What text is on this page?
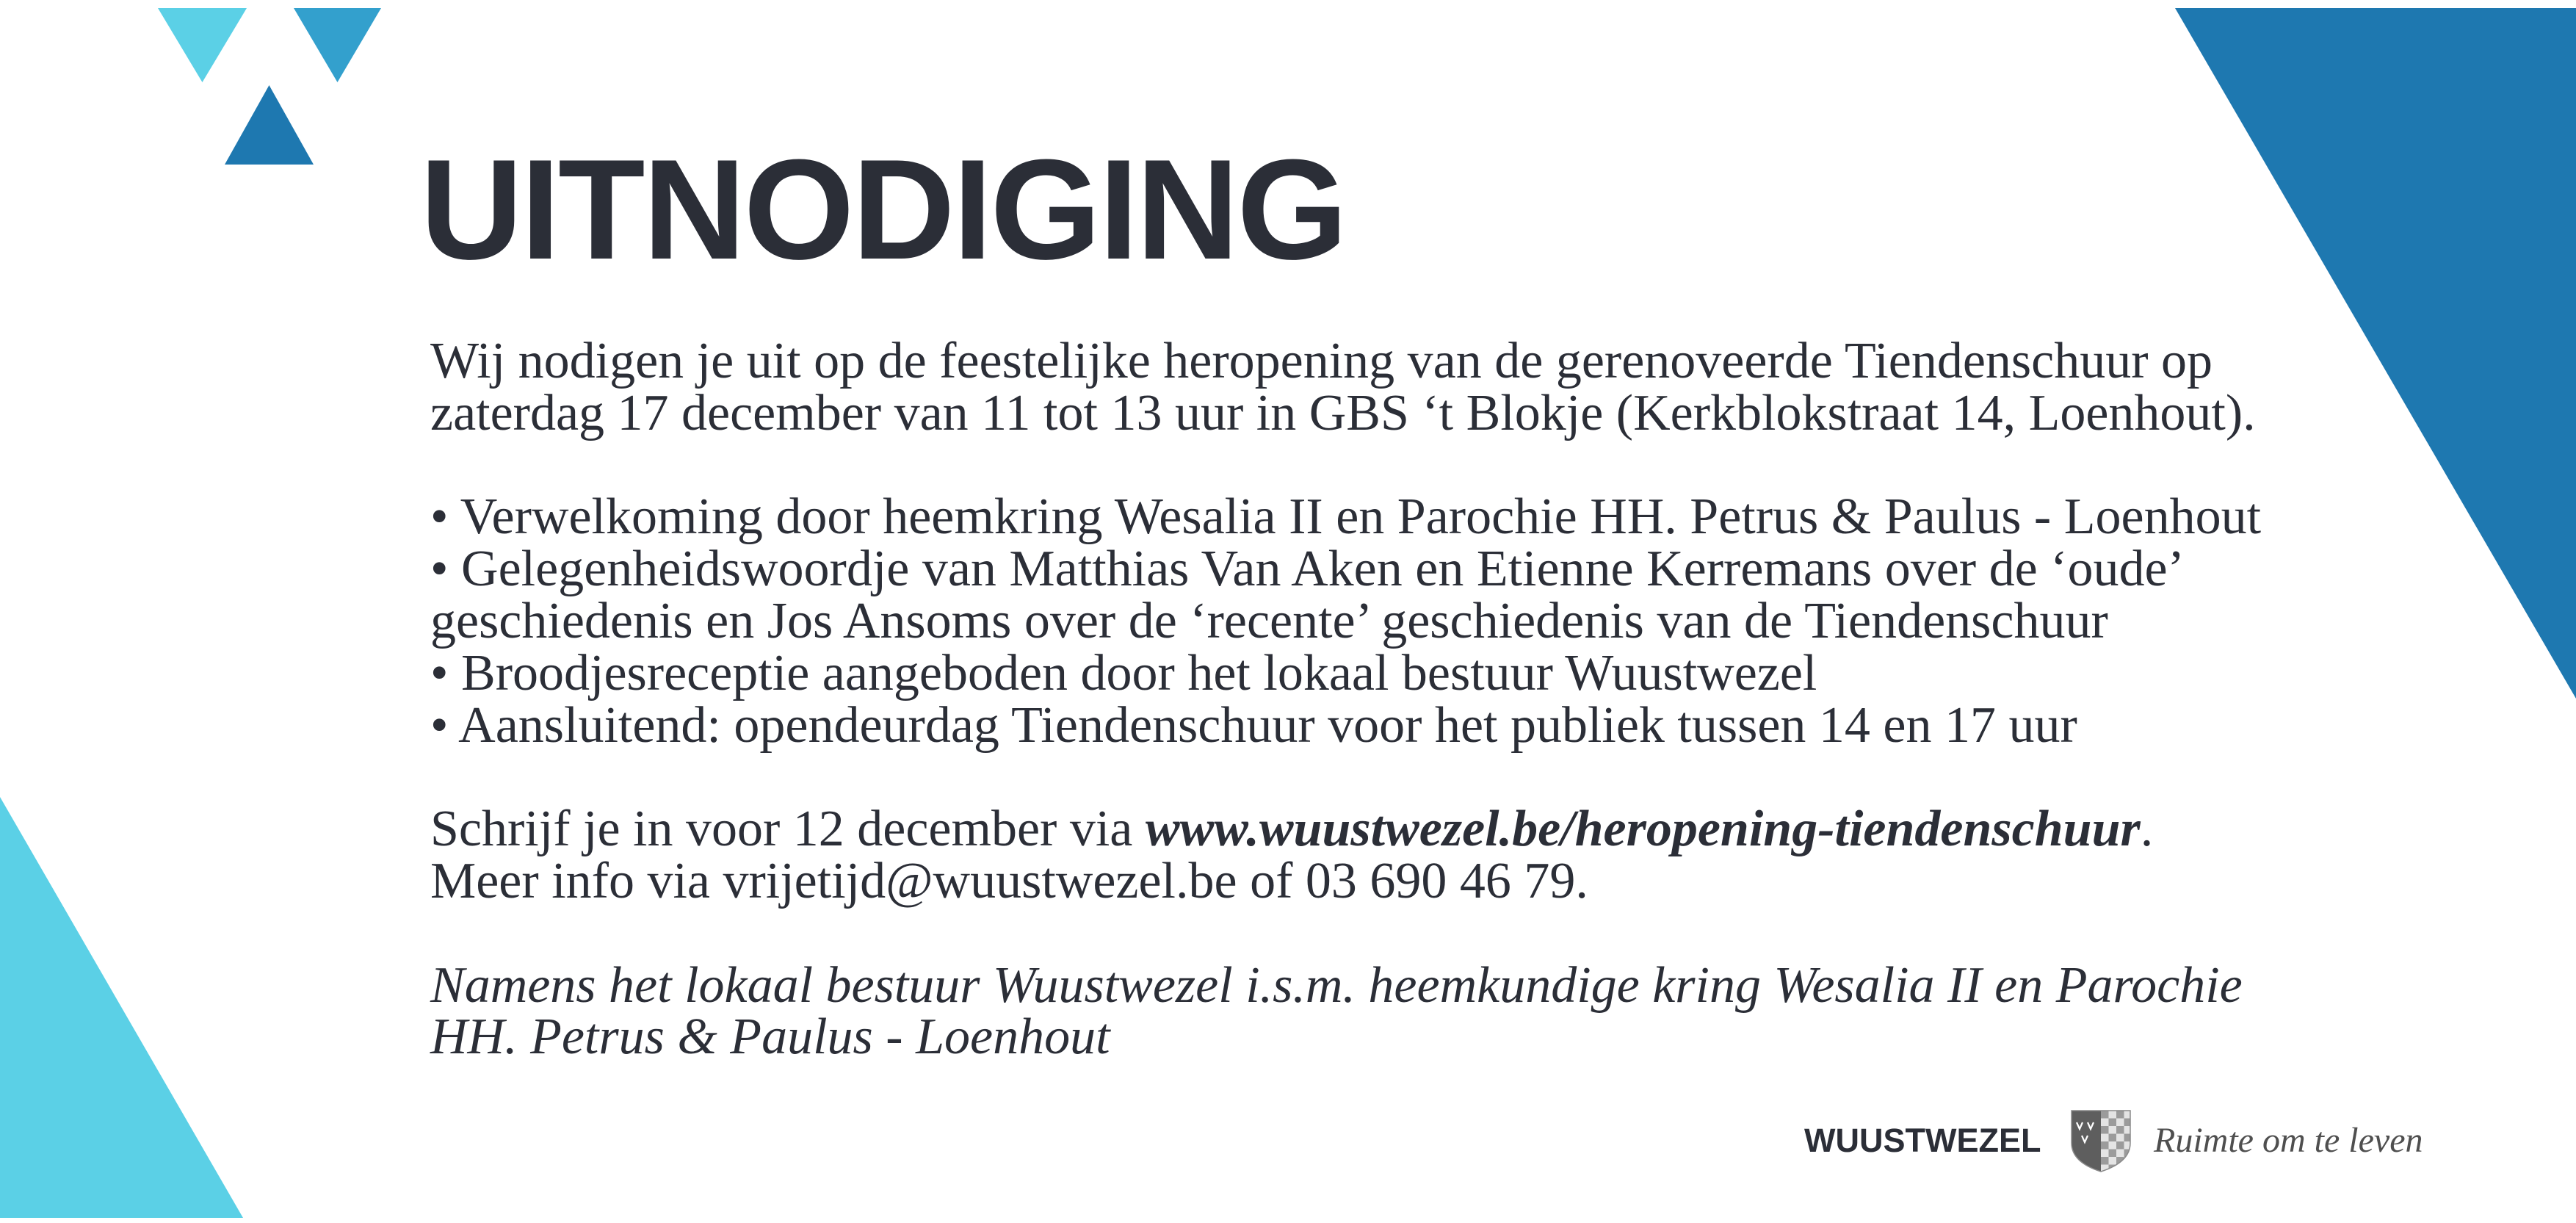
UITNODIGING
Wij nodigen je uit op de feestelijke heropening van de gerenoveerde Tiendenschuur op
zaterdag 17 december van 11 tot 13 uur in GBS ‘t Blokje (Kerkblokstraat 14, Loenhout).
• Verwelkoming door heemkring Wesalia II en Parochie HH. Petrus & Paulus - Loenhout
• Gelegenheidswoordje van Matthias Van Aken en Etienne Kerremans over de ‘oude’
geschiedenis en Jos Ansoms over de ‘recente’ geschiedenis van de Tiendenschuur
• Broodjesreceptie aangeboden door het lokaal bestuur Wuustwezel
• Aansluitend: opendeurdag Tiendenschuur voor het publiek tussen 14 en 17 uur
Schrijf je in voor 12 december via www.wuustwezel.be/heropening-tiendenschuur.
Meer info via vrijetijd@wuustwezel.be of 03 690 46 79.
Namens het lokaal bestuur Wuustwezel i.s.m. heemkundige kring Wesalia II en Parochie
HH. Petrus & Paulus - Loenhout
WUUSTWEZEL	Ruimte om te leven
